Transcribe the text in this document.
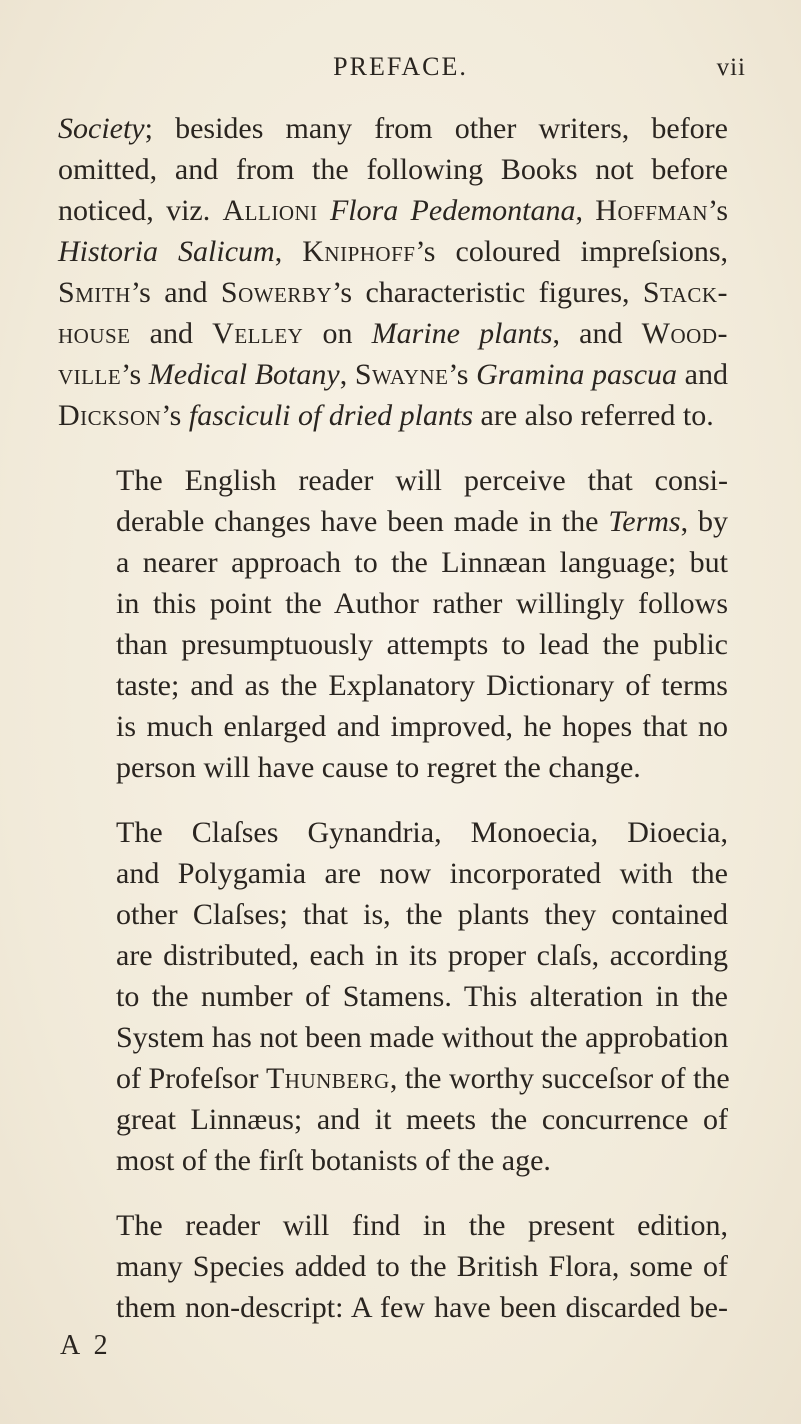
PREFACE.	vii
Society; besides many from other writers, before
omitted, and from the following Books not before
noticed, viz. Allioni Flora Pedemontana, Hoffman’s
Historia Salicum, Kniphoff’s coloured impreſsions,
Smith’s and Sowerby’s characteristic figures, Stack-
house and Velley on Marine plants, and Wood-
ville’s Medical Botany, Swayne’s Gramina pascua and
Dickson’s fasciculi of dried plants are also referred to.
The English reader will perceive that consi-
derable changes have been made in the Terms, by
a nearer approach to the Linnæan language; but
in this point the Author rather willingly follows
than presumptuously attempts to lead the public
taste; and as the Explanatory Dictionary of terms
is much enlarged and improved, he hopes that no
person will have cause to regret the change.
The Claſses Gynandria, Monoecia, Dioecia,
and Polygamia are now incorporated with the
other Claſses; that is, the plants they contained
are distributed, each in its proper claſs, according
to the number of Stamens. This alteration in the
System has not been made without the approbation
of Profeſsor Thunberg, the worthy succeſsor of the
great Linnæus; and it meets the concurrence of
most of the firſt botanists of the age.
The reader will find in the present edition,
many Species added to the British Flora, some of
them non-descript: A few have been discarded be-
A 2
